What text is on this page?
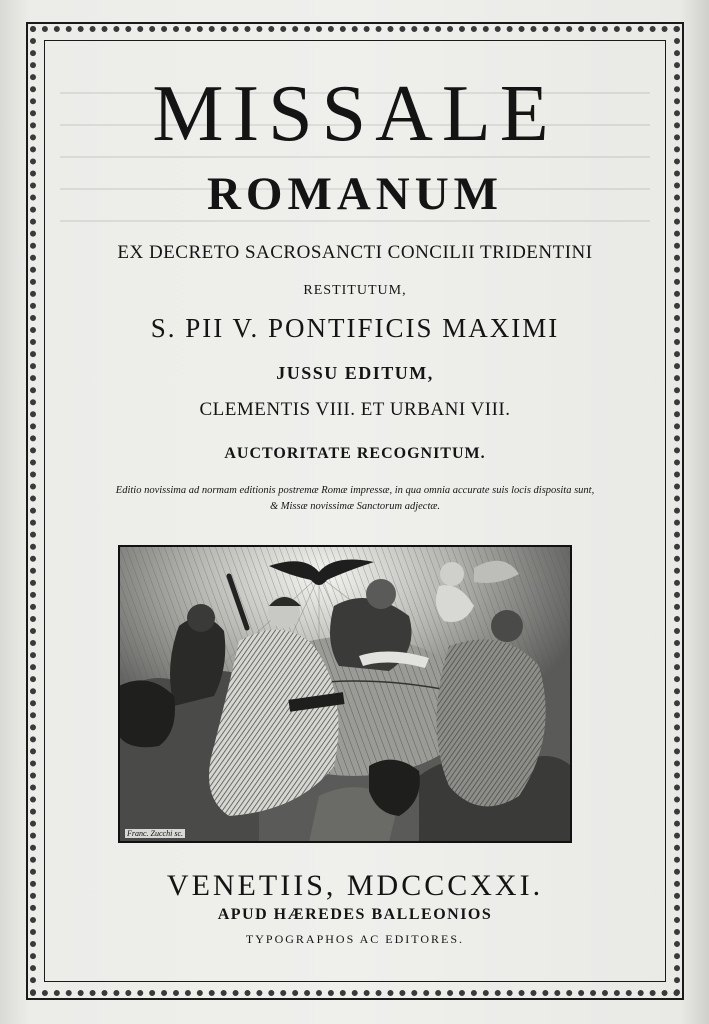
MISSALE
ROMANUM
EX DECRETO SACROSANCTI CONCILII TRIDENTINI
RESTITUTUM,
S. PII V. PONTIFICIS MAXIMI
JUSSU EDITUM,
CLEMENTIS VIII. ET URBANI VIII.
AUCTORITATE RECOGNITUM.
Editio novissima ad normam editionis postremæ Romæ impressæ, in qua omnia accurate suis locis disposita sunt,
& Missæ novissimæ Sanctorum adjectæ.
Franc. Zucchi sc.
VENETIIS, MDCCCXXI.
APUD HÆREDES BALLEONIOS
TYPOGRAPHOS AC EDITORES.
